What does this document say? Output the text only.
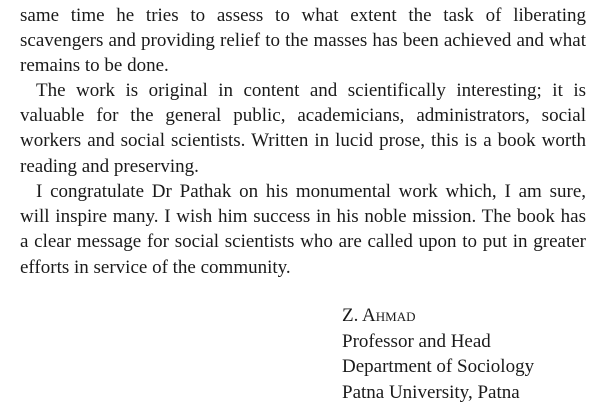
same time he tries to assess to what extent the task of liberating scavengers and providing relief to the masses has been achieved and what remains to be done.

The work is original in content and scientifically interesting; it is valuable for the general public, academicians, administrators, social workers and social scientists. Written in lucid prose, this is a book worth reading and preserving.

I congratulate Dr Pathak on his monumental work which, I am sure, will inspire many. I wish him success in his noble mission. The book has a clear message for social scientists who are called upon to put in greater efforts in service of the community.

Z. Ahmad
Professor and Head
Department of Sociology
Patna University, Patna
